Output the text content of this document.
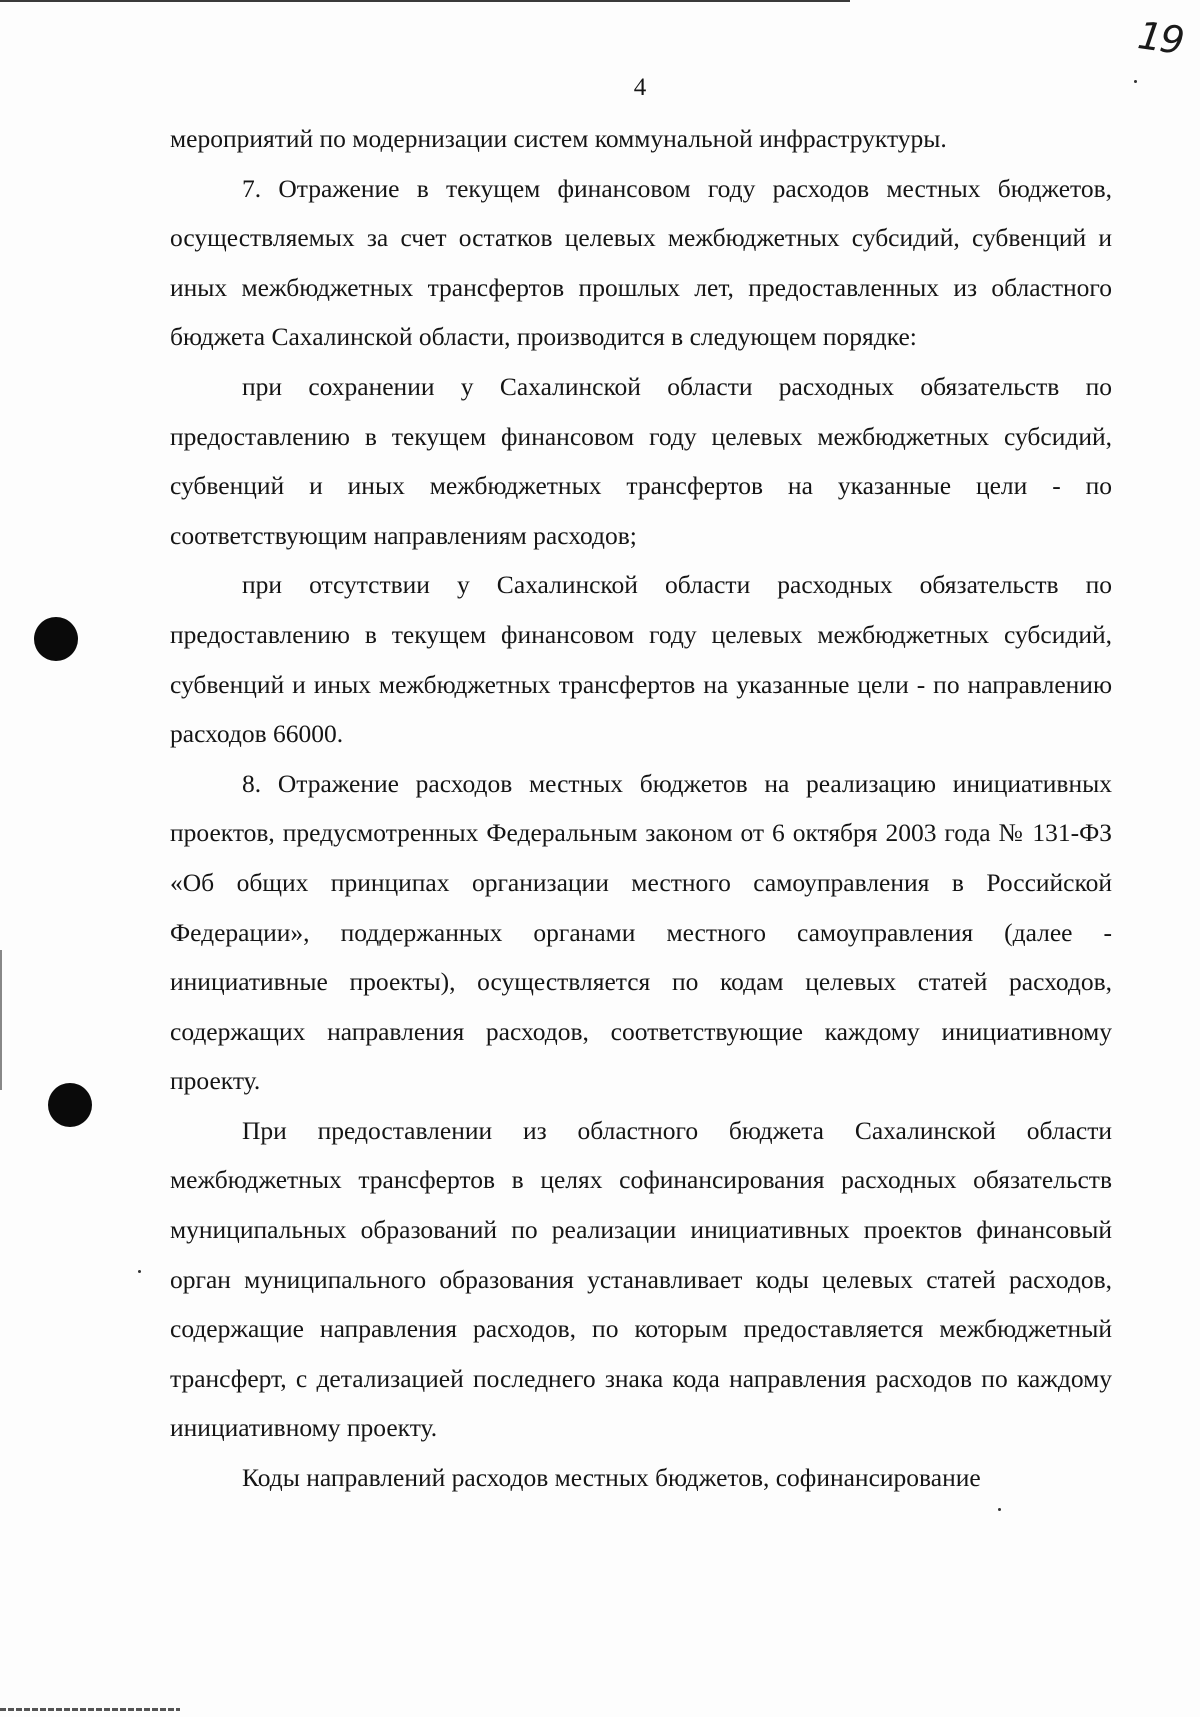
19
4

мероприятий по модернизации систем коммунальной инфраструктуры.

7. Отражение в текущем финансовом году расходов местных бюджетов, осуществляемых за счет остатков целевых межбюджетных субсидий, субвенций и иных межбюджетных трансфертов прошлых лет, предоставленных из областного бюджета Сахалинской области, производится в следующем порядке:

при сохранении у Сахалинской области расходных обязательств по предоставлению в текущем финансовом году целевых межбюджетных субсидий, субвенций и иных межбюджетных трансфертов на указанные цели - по соответствующим направлениям расходов;

при отсутствии у Сахалинской области расходных обязательств по предоставлению в текущем финансовом году целевых межбюджетных субсидий, субвенций и иных межбюджетных трансфертов на указанные цели - по направлению расходов 66000.

8. Отражение расходов местных бюджетов на реализацию инициативных проектов, предусмотренных Федеральным законом от 6 октября 2003 года № 131-ФЗ «Об общих принципах организации местного самоуправления в Российской Федерации», поддержанных органами местного самоуправления (далее - инициативные проекты), осуществляется по кодам целевых статей расходов, содержащих направления расходов, соответствующие каждому инициативному проекту.

При предоставлении из областного бюджета Сахалинской области межбюджетных трансфертов в целях софинансирования расходных обязательств муниципальных образований по реализации инициативных проектов финансовый орган муниципального образования устанавливает коды целевых статей расходов, содержащие направления расходов, по которым предоставляется межбюджетный трансферт, с детализацией последнего знака кода направления расходов по каждому инициативному проекту.

Коды направлений расходов местных бюджетов, софинансирование
